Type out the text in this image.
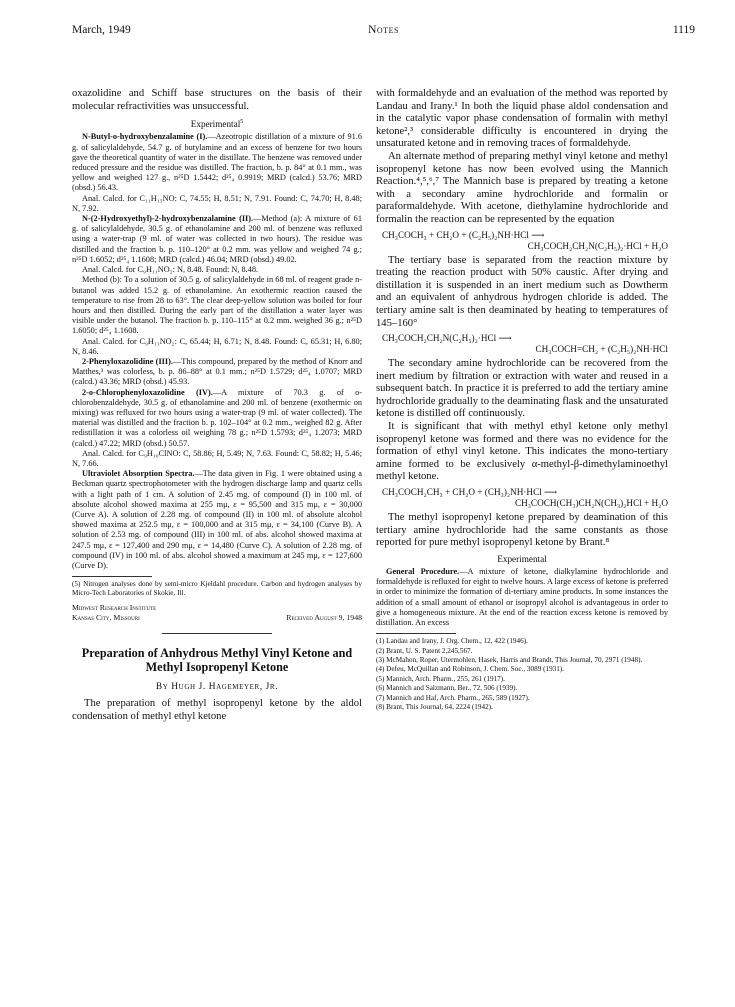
March, 1949	Notes	1119

oxazolidine and Schiff base structures on the basis of their molecular refractivities was unsuccessful.

Experimental$^5$

N-Butyl-o-hydroxybenzalamine (I).—Azeotropic distillation of a mixture of 91.6 g. of salicylaldehyde, 54.7 g. of butylamine and an excess of benzene for two hours gave the theoretical quantity of water in the distillate. The benzene was removed under reduced pressure and the residue was distilled. The fraction, b. p. 84° at 0.1 mm., was yellow and weighed 127 g., n²⁵D 1.5442; d²⁵₄ 0.9919; MRD (calcd.) 53.76; MRD (obsd.) 56.43.

Anal. Calcd. for C₁₁H₁₅NO: C, 74.55; H, 8.51; N, 7.91. Found: C, 74.70; H, 8.48; N, 7.92.

N-(2-Hydroxyethyl)-2-hydroxybenzalamine (II).—Method (a): A mixture of 61 g. of salicylaldehyde, 30.5 g. of ethanolamine and 200 ml. of benzene was refluxed using a water-trap (9 ml. of water was collected in two hours). The residue was distilled and the fraction b. p. 110–120° at 0.2 mm. was yellow and weighed 74 g.; n²⁵D 1.6052; d²⁵₄ 1.1608; MRD (calcd.) 46.04; MRD (obsd.) 49.02.

Anal. Calcd. for C₉H₁₁NO₂: N, 8.48. Found: N, 8.48.

Method (b): To a solution of 30.5 g. of salicylaldehyde in 68 ml. of reagent grade n-butanol was added 15.2 g. of ethanolamine. An exothermic reaction caused the temperature to rise from 28 to 63°. The clear deep-yellow solution was boiled for four hours and then distilled. During the early part of the distillation a water layer was visible under the butanol. The fraction b. p. 110–115° at 0.2 mm. weighed 36 g.; n²⁵D 1.6050; d²⁵₄ 1.1608.

Anal. Calcd. for C₉H₁₁NO₂: C, 65.44; H, 6.71; N, 8.48. Found: C, 65.31; H, 6.80; N, 8.46.

2-Phenyloxazolidine (III).—This compound, prepared by the method of Knorr and Matthes,³ was colorless, b. p. 86–88° at 0.1 mm.; n²⁵D 1.5729; d²⁵₄ 1.0707; MRD (calcd.) 43.36; MRD (obsd.) 45.93.

2-o-Chlorophenyloxazolidine (IV).—A mixture of 70.3 g. of o-chlorobenzaldehyde, 30.5 g. of ethanolamine and 200 ml. of benzene (exothermic on mixing) was refluxed for two hours using a water-trap (9 ml. of water collected). The material was distilled and the fraction b. p. 102–104° at 0.2 mm., weighed 82 g. After redistillation it was a colorless oil weighing 78 g.; n²⁵D 1.5793; d²⁵₄ 1.2073; MRD (calcd.) 47.22; MRD (obsd.) 50.57.

Anal. Calcd. for C₉H₁₀ClNO: C, 58.86; H, 5.49; N, 7.63. Found: C, 58.82; H, 5.46; N, 7.66.

Ultraviolet Absorption Spectra.—The data given in Fig. 1 were obtained using a Beckman quartz spectrophotometer with the hydrogen discharge lamp and quartz cells with a light path of 1 cm. A solution of 2.45 mg. of compound (I) in 100 ml. of absolute alcohol showed maxima at 255 mμ, ε = 95,500 and 315 mμ, ε = 30,000 (Curve A). A solution of 2.28 mg. of compound (II) in 100 ml. of absolute alcohol showed maxima at 252.5 mμ, ε = 100,000 and at 315 mμ, ε = 34,100 (Curve B). A solution of 2.53 mg. of compound (III) in 100 ml. of abs. alcohol showed maxima at 247.5 mμ, ε = 127,400 and 290 mμ, ε = 14,480 (Curve C). A solution of 2.28 mg. of compound (IV) in 100 ml. of abs. alcohol showed a maximum at 245 mμ, ε = 127,600 (Curve D).

(5) Nitrogen analyses done by semi-micro Kjeldahl procedure. Carbon and hydrogen analyses by Micro-Tech Laboratories of Skokie, Ill.

Midwest Research Institute
Kansas City, Missouri	Received August 9, 1948

Preparation of Anhydrous Methyl Vinyl Ketone and Methyl Isopropenyl Ketone

By Hugh J. Hagemeyer, Jr.

The preparation of methyl isopropenyl ketone by the aldol condensation of methyl ethyl ketone

with formaldehyde and an evaluation of the method was reported by Landau and Irany.¹ In both the liquid phase aldol condensation and in the catalytic vapor phase condensation of formalin with methyl ketone²,³ considerable difficulty is encountered in drying the unsaturated ketone and in removing traces of formaldehyde.

An alternate method of preparing methyl vinyl ketone and methyl isopropenyl ketone has now been evolved using the Mannich Reaction.⁴,⁵,⁶,⁷ The Mannich base is prepared by treating a ketone with a secondary amine hydrochloride and formalin or paraformaldehyde. With acetone, diethylamine hydrochloride and formalin the reaction can be represented by the equation

CH₃COCH₃ + CH₂O + (C₂H₅)₂NH·HCl ⟶
CH₃COCH₂CH₂N(C₂H₅)₂·HCl + H₂O

The tertiary base is separated from the reaction mixture by treating the reaction product with 50% caustic. After drying and distillation it is suspended in an inert medium such as Dowtherm and an equivalent of anhydrous hydrogen chloride is added. The tertiary amine salt is then deaminated by heating to temperatures of 145–160°

CH₃COCH₂CH₂N(C₂H₅)₂·HCl ⟶
CH₃COCH=CH₂ + (C₂H₅)₂NH·HCl

The secondary amine hydrochloride can be recovered from the inert medium by filtration or extraction with water and reused in a subsequent batch. In practice it is preferred to add the tertiary amine hydrochloride gradually to the deaminating flask and the unsaturated ketone is distilled off continuously.

It is significant that with methyl ethyl ketone only methyl isopropenyl ketone was formed and there was no evidence for the formation of ethyl vinyl ketone. This indicates the mono-tertiary amine formed to be exclusively α-methyl-β-dimethylaminoethyl methyl ketone.

CH₃COCH₂CH₃ + CH₂O + (CH₃)₂NH·HCl ⟶
CH₃COCH(CH₃)CH₂N(CH₃)₂HCl + H₂O

The methyl isopropenyl ketone prepared by deamination of this tertiary amine hydrochloride had the same constants as those reported for pure methyl isopropenyl ketone by Brant.⁸

Experimental

General Procedure.—A mixture of ketone, dialkylamine hydrochloride and formaldehyde is refluxed for eight to twelve hours. A large excess of ketone is preferred in order to minimize the formation of di-tertiary amine products. In some instances the addition of a small amount of ethanol or isopropyl alcohol is advantageous in order to give a homogeneous mixture. At the end of the reaction excess ketone is removed by distillation. An excess

(1) Landau and Irany, J. Org. Chem., 12, 422 (1946).
(2) Brant, U. S. Patent 2,245,567.
(3) McMahon, Roper, Utermohlen, Hasek, Harris and Brandt, This Journal, 70, 2971 (1948).
(4) Defeu, McQuillan and Robinson, J. Chem. Soc., 3089 (1931).
(5) Mannich, Arch. Pharm., 255, 261 (1917).
(6) Mannich and Salzmann, Ber., 72, 506 (1939).
(7) Mannich and Haf, Arch. Pharm., 265, 589 (1927).
(8) Brant, This Journal, 64, 2224 (1942).
